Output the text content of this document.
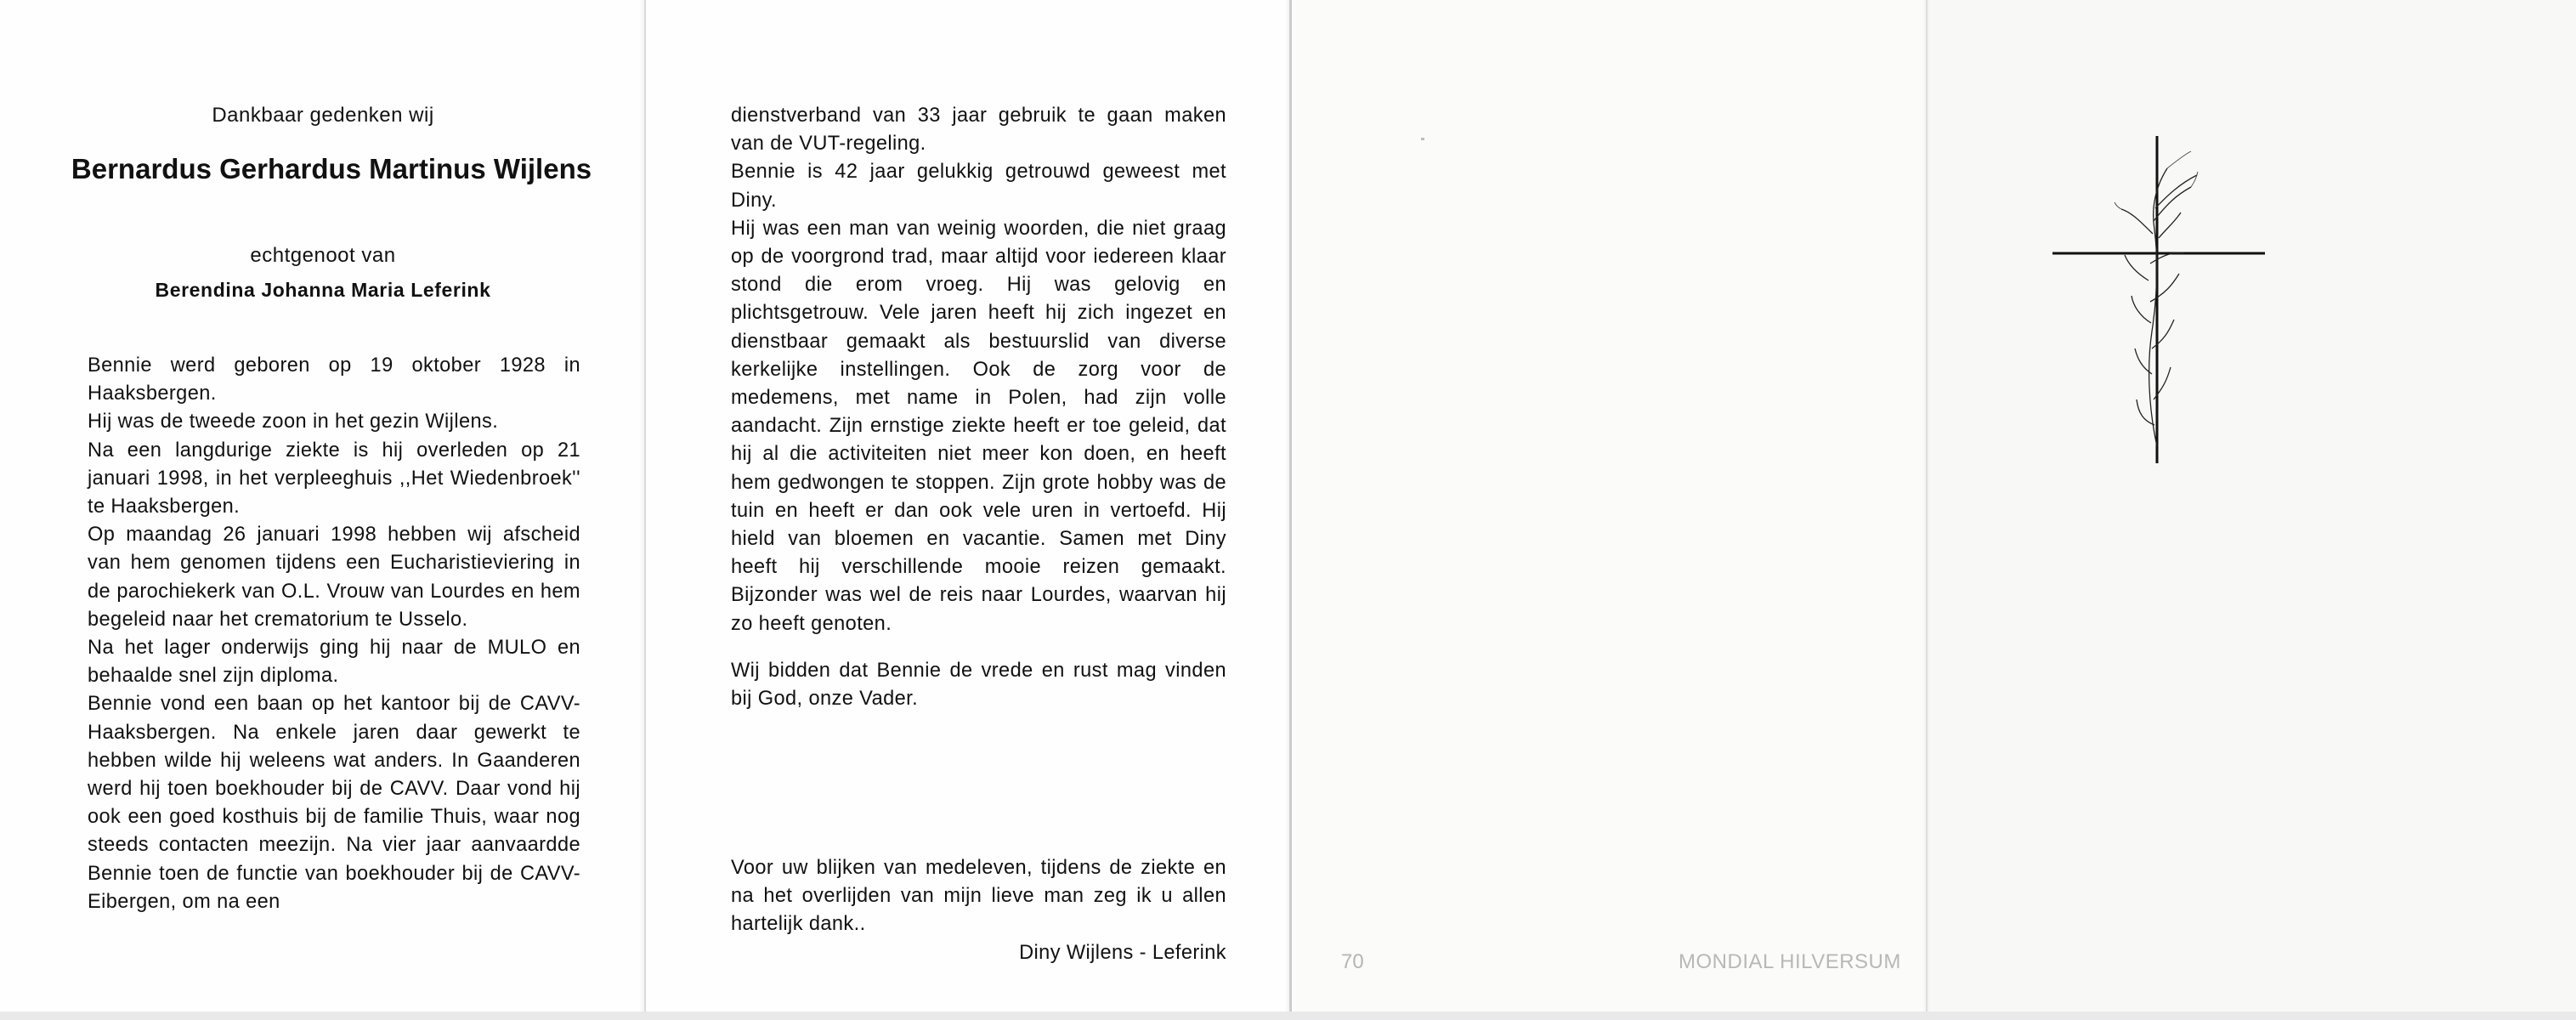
Dankbaar gedenken wij
Bernardus Gerhardus Martinus Wijlens
echtgenoot van
Berendina Johanna Maria Leferink

Bennie werd geboren op 19 oktober 1928 in Haaksbergen.

Hij was de tweede zoon in het gezin Wijlens.

Na een langdurige ziekte is hij overleden op 21 januari 1998, in het verpleeghuis ,,Het Wiedenbroek'' te Haaksbergen.

Op maandag 26 januari 1998 hebben wij afscheid van hem genomen tijdens een Eucharistieviering in de parochiekerk van O.L. Vrouw van Lourdes en hem begeleid naar het crematorium te Usselo.

Na het lager onderwijs ging hij naar de MULO en behaalde snel zijn diploma.

Bennie vond een baan op het kantoor bij de CAVV-Haaksbergen. Na enkele jaren daar gewerkt te hebben wilde hij weleens wat anders. In Gaanderen werd hij toen boekhouder bij de CAVV. Daar vond hij ook een goed kosthuis bij de familie Thuis, waar nog steeds contacten meezijn. Na vier jaar aanvaardde Bennie toen de functie van boekhouder bij de CAVV-Eibergen, om na een

dienstverband van 33 jaar gebruik te gaan maken van de VUT-regeling.

Bennie is 42 jaar gelukkig getrouwd geweest met Diny.

Hij was een man van weinig woorden, die niet graag op de voorgrond trad, maar altijd voor iedereen klaar stond die erom vroeg. Hij was gelovig en plichtsgetrouw. Vele jaren heeft hij zich ingezet en dienstbaar gemaakt als bestuurslid van diverse kerkelijke instellingen. Ook de zorg voor de medemens, met name in Polen, had zijn volle aandacht. Zijn ernstige ziekte heeft er toe geleid, dat hij al die activiteiten niet meer kon doen, en heeft hem gedwongen te stoppen. Zijn grote hobby was de tuin en heeft er dan ook vele uren in vertoefd. Hij hield van bloemen en vacantie. Samen met Diny heeft hij verschillende mooie reizen gemaakt. Bijzonder was wel de reis naar Lourdes, waarvan hij zo heeft genoten.

Wij bidden dat Bennie de vrede en rust mag vinden bij God, onze Vader.

Voor uw blijken van medeleven, tijdens de ziekte en na het overlijden van mijn lieve man zeg ik u allen hartelijk dank..

Diny Wijlens - Leferink	70	MONDIAL HILVERSUM
